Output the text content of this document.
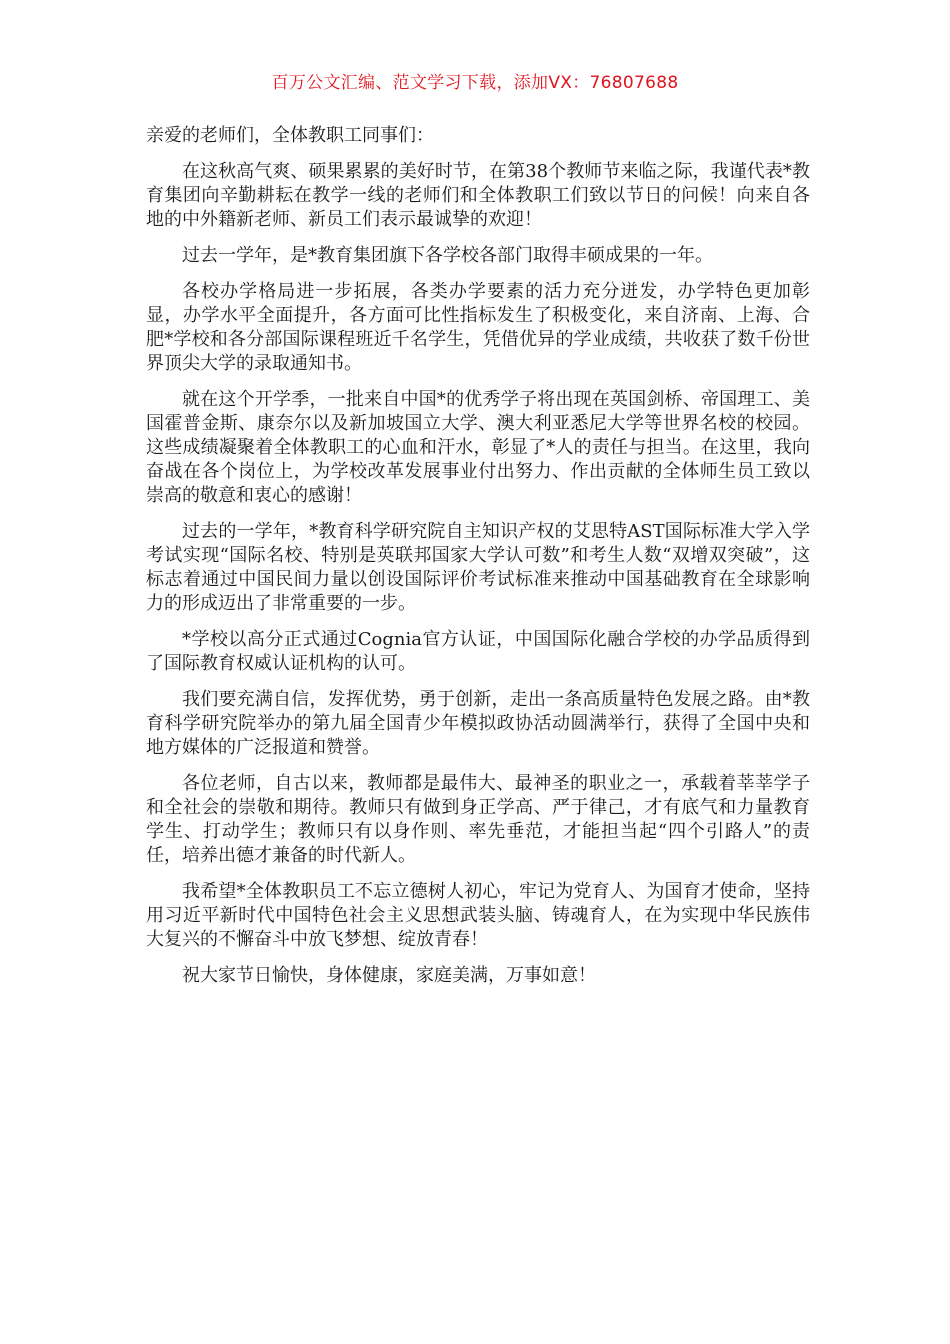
百万公文汇编、范文学习下载，添加VX：76807688

亲爱的老师们，全体教职工同事们：

在这秋高气爽、硕果累累的美好时节，在第38个教师节来临之际，我谨代表*教育集团向辛勤耕耘在教学一线的老师们和全体教职工们致以节日的问候！向来自各地的中外籍新老师、新员工们表示最诚挚的欢迎！

过去一学年，是*教育集团旗下各学校各部门取得丰硕成果的一年。

各校办学格局进一步拓展，各类办学要素的活力充分迸发，办学特色更加彰显，办学水平全面提升，各方面可比性指标发生了积极变化，来自济南、上海、合肥*学校和各分部国际课程班近千名学生，凭借优异的学业成绩，共收获了数千份世界顶尖大学的录取通知书。

就在这个开学季，一批来自中国*的优秀学子将出现在英国剑桥、帝国理工、美国霍普金斯、康奈尔以及新加坡国立大学、澳大利亚悉尼大学等世界名校的校园。这些成绩凝聚着全体教职工的心血和汗水，彰显了*人的责任与担当。在这里，我向奋战在各个岗位上，为学校改革发展事业付出努力、作出贡献的全体师生员工致以崇高的敬意和衷心的感谢！

过去的一学年，*教育科学研究院自主知识产权的艾思特AST国际标准大学入学考试实现“国际名校、特别是英联邦国家大学认可数”和考生人数“双增双突破”，这标志着通过中国民间力量以创设国际评价考试标准来推动中国基础教育在全球影响力的形成迈出了非常重要的一步。

*学校以高分正式通过Cognia官方认证，中国国际化融合学校的办学品质得到了国际教育权威认证机构的认可。

我们要充满自信，发挥优势，勇于创新，走出一条高质量特色发展之路。由*教育科学研究院举办的第九届全国青少年模拟政协活动圆满举行，获得了全国中央和地方媒体的广泛报道和赞誉。

各位老师，自古以来，教师都是最伟大、最神圣的职业之一，承载着莘莘学子和全社会的崇敬和期待。教师只有做到身正学高、严于律己，才有底气和力量教育学生、打动学生；教师只有以身作则、率先垂范，才能担当起“四个引路人”的责任，培养出德才兼备的时代新人。

我希望*全体教职员工不忘立德树人初心，牢记为党育人、为国育才使命，坚持用习近平新时代中国特色社会主义思想武装头脑、铸魂育人，在为实现中华民族伟大复兴的不懈奋斗中放飞梦想、绽放青春！

祝大家节日愉快，身体健康，家庭美满，万事如意！
